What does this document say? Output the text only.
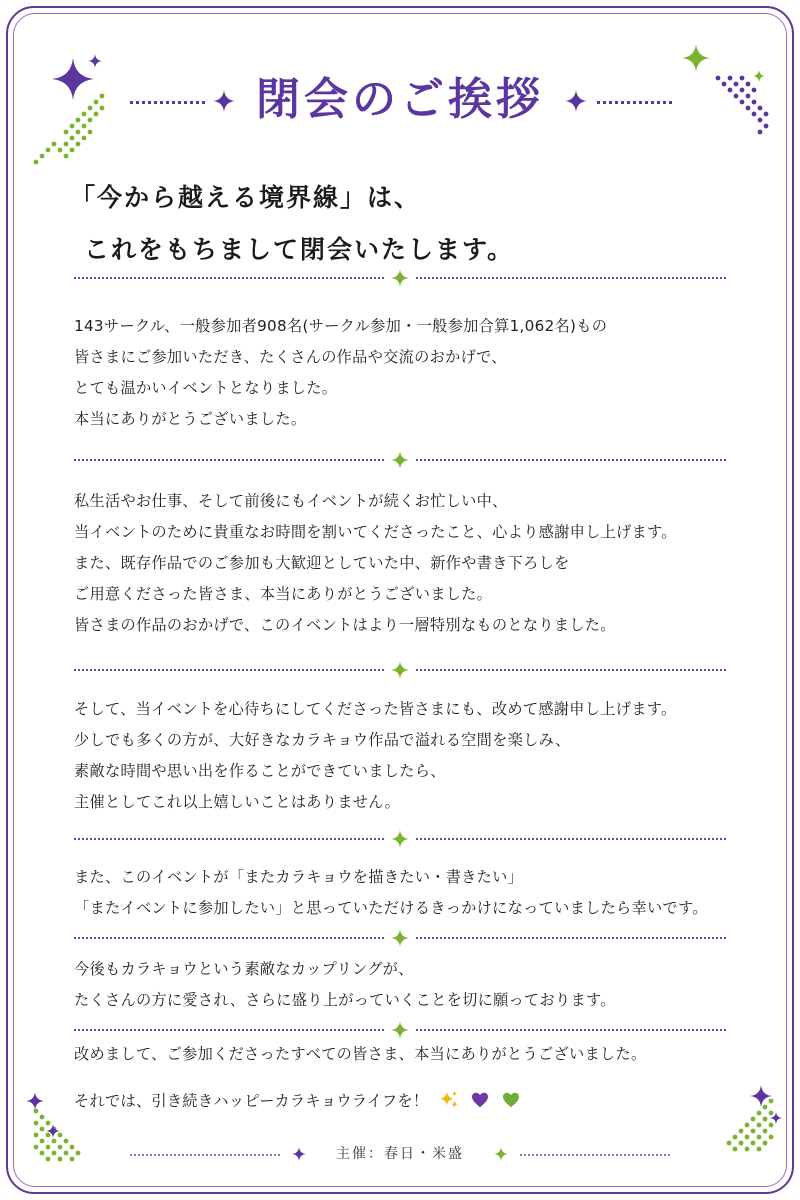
閉会のご挨拶
「今から越える境界線」は、
これをもちまして閉会いたします。
143サークル、一般参加者908名(サークル参加・一般参加合算1,062名)もの
皆さまにご参加いただき、たくさんの作品や交流のおかげで、
とても温かいイベントとなりました。
本当にありがとうございました。
私生活やお仕事、そして前後にもイベントが続くお忙しい中、
当イベントのために貴重なお時間を割いてくださったこと、心より感謝申し上げます。
また、既存作品でのご参加も大歓迎としていた中、新作や書き下ろしを
ご用意くださった皆さま、本当にありがとうございました。
皆さまの作品のおかげで、このイベントはより一層特別なものとなりました。
そして、当イベントを心待ちにしてくださった皆さまにも、改めて感謝申し上げます。
少しでも多くの方が、大好きなカラキョウ作品で溢れる空間を楽しみ、
素敵な時間や思い出を作ることができていましたら、
主催としてこれ以上嬉しいことはありません。
また、このイベントが「またカラキョウを描きたい・書きたい」
「またイベントに参加したい」と思っていただけるきっかけになっていましたら幸いです。
今後もカラキョウという素敵なカップリングが、
たくさんの方に愛され、さらに盛り上がっていくことを切に願っております。
改めまして、ご参加くださったすべての皆さま、本当にありがとうございました。
それでは、引き続きハッピーカラキョウライフを！
主催：春日・米盛
